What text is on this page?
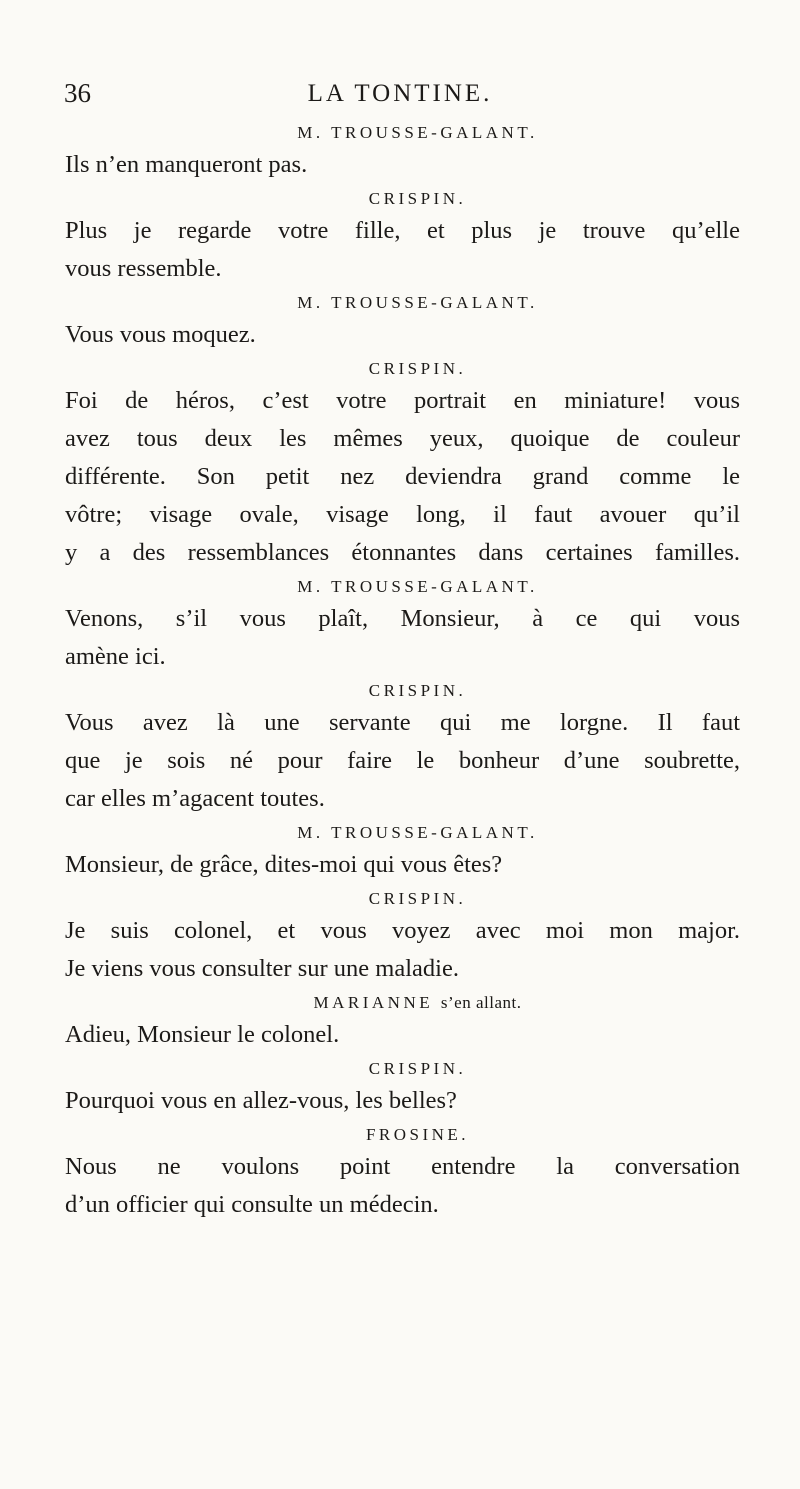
36	LA TONTINE.

M. TROUSSE-GALANT.

Ils n’en manqueront pas.

CRISPIN.

Plus je regarde votre fille, et plus je trouve qu’elle
vous ressemble.

M. TROUSSE-GALANT.

Vous vous moquez.

CRISPIN.

Foi de héros, c’est votre portrait en miniature! vous
avez tous deux les mêmes yeux, quoique de couleur
différente. Son petit nez deviendra grand comme le
vôtre; visage ovale, visage long, il faut avouer qu’il
y a des ressemblances étonnantes dans certaines familles.

M. TROUSSE-GALANT.

Venons, s’il vous plaît, Monsieur, à ce qui vous
amène ici.

CRISPIN.

Vous avez là une servante qui me lorgne. Il faut
que je sois né pour faire le bonheur d’une soubrette,
car elles m’agacent toutes.

M. TROUSSE-GALANT.

Monsieur, de grâce, dites-moi qui vous êtes?

CRISPIN.

Je suis colonel, et vous voyez avec moi mon major.
Je viens vous consulter sur une maladie.

MARIANNE s’en allant.

Adieu, Monsieur le colonel.

CRISPIN.

Pourquoi vous en allez-vous, les belles?

FROSINE.

Nous ne voulons point entendre la conversation
d’un officier qui consulte un médecin.
